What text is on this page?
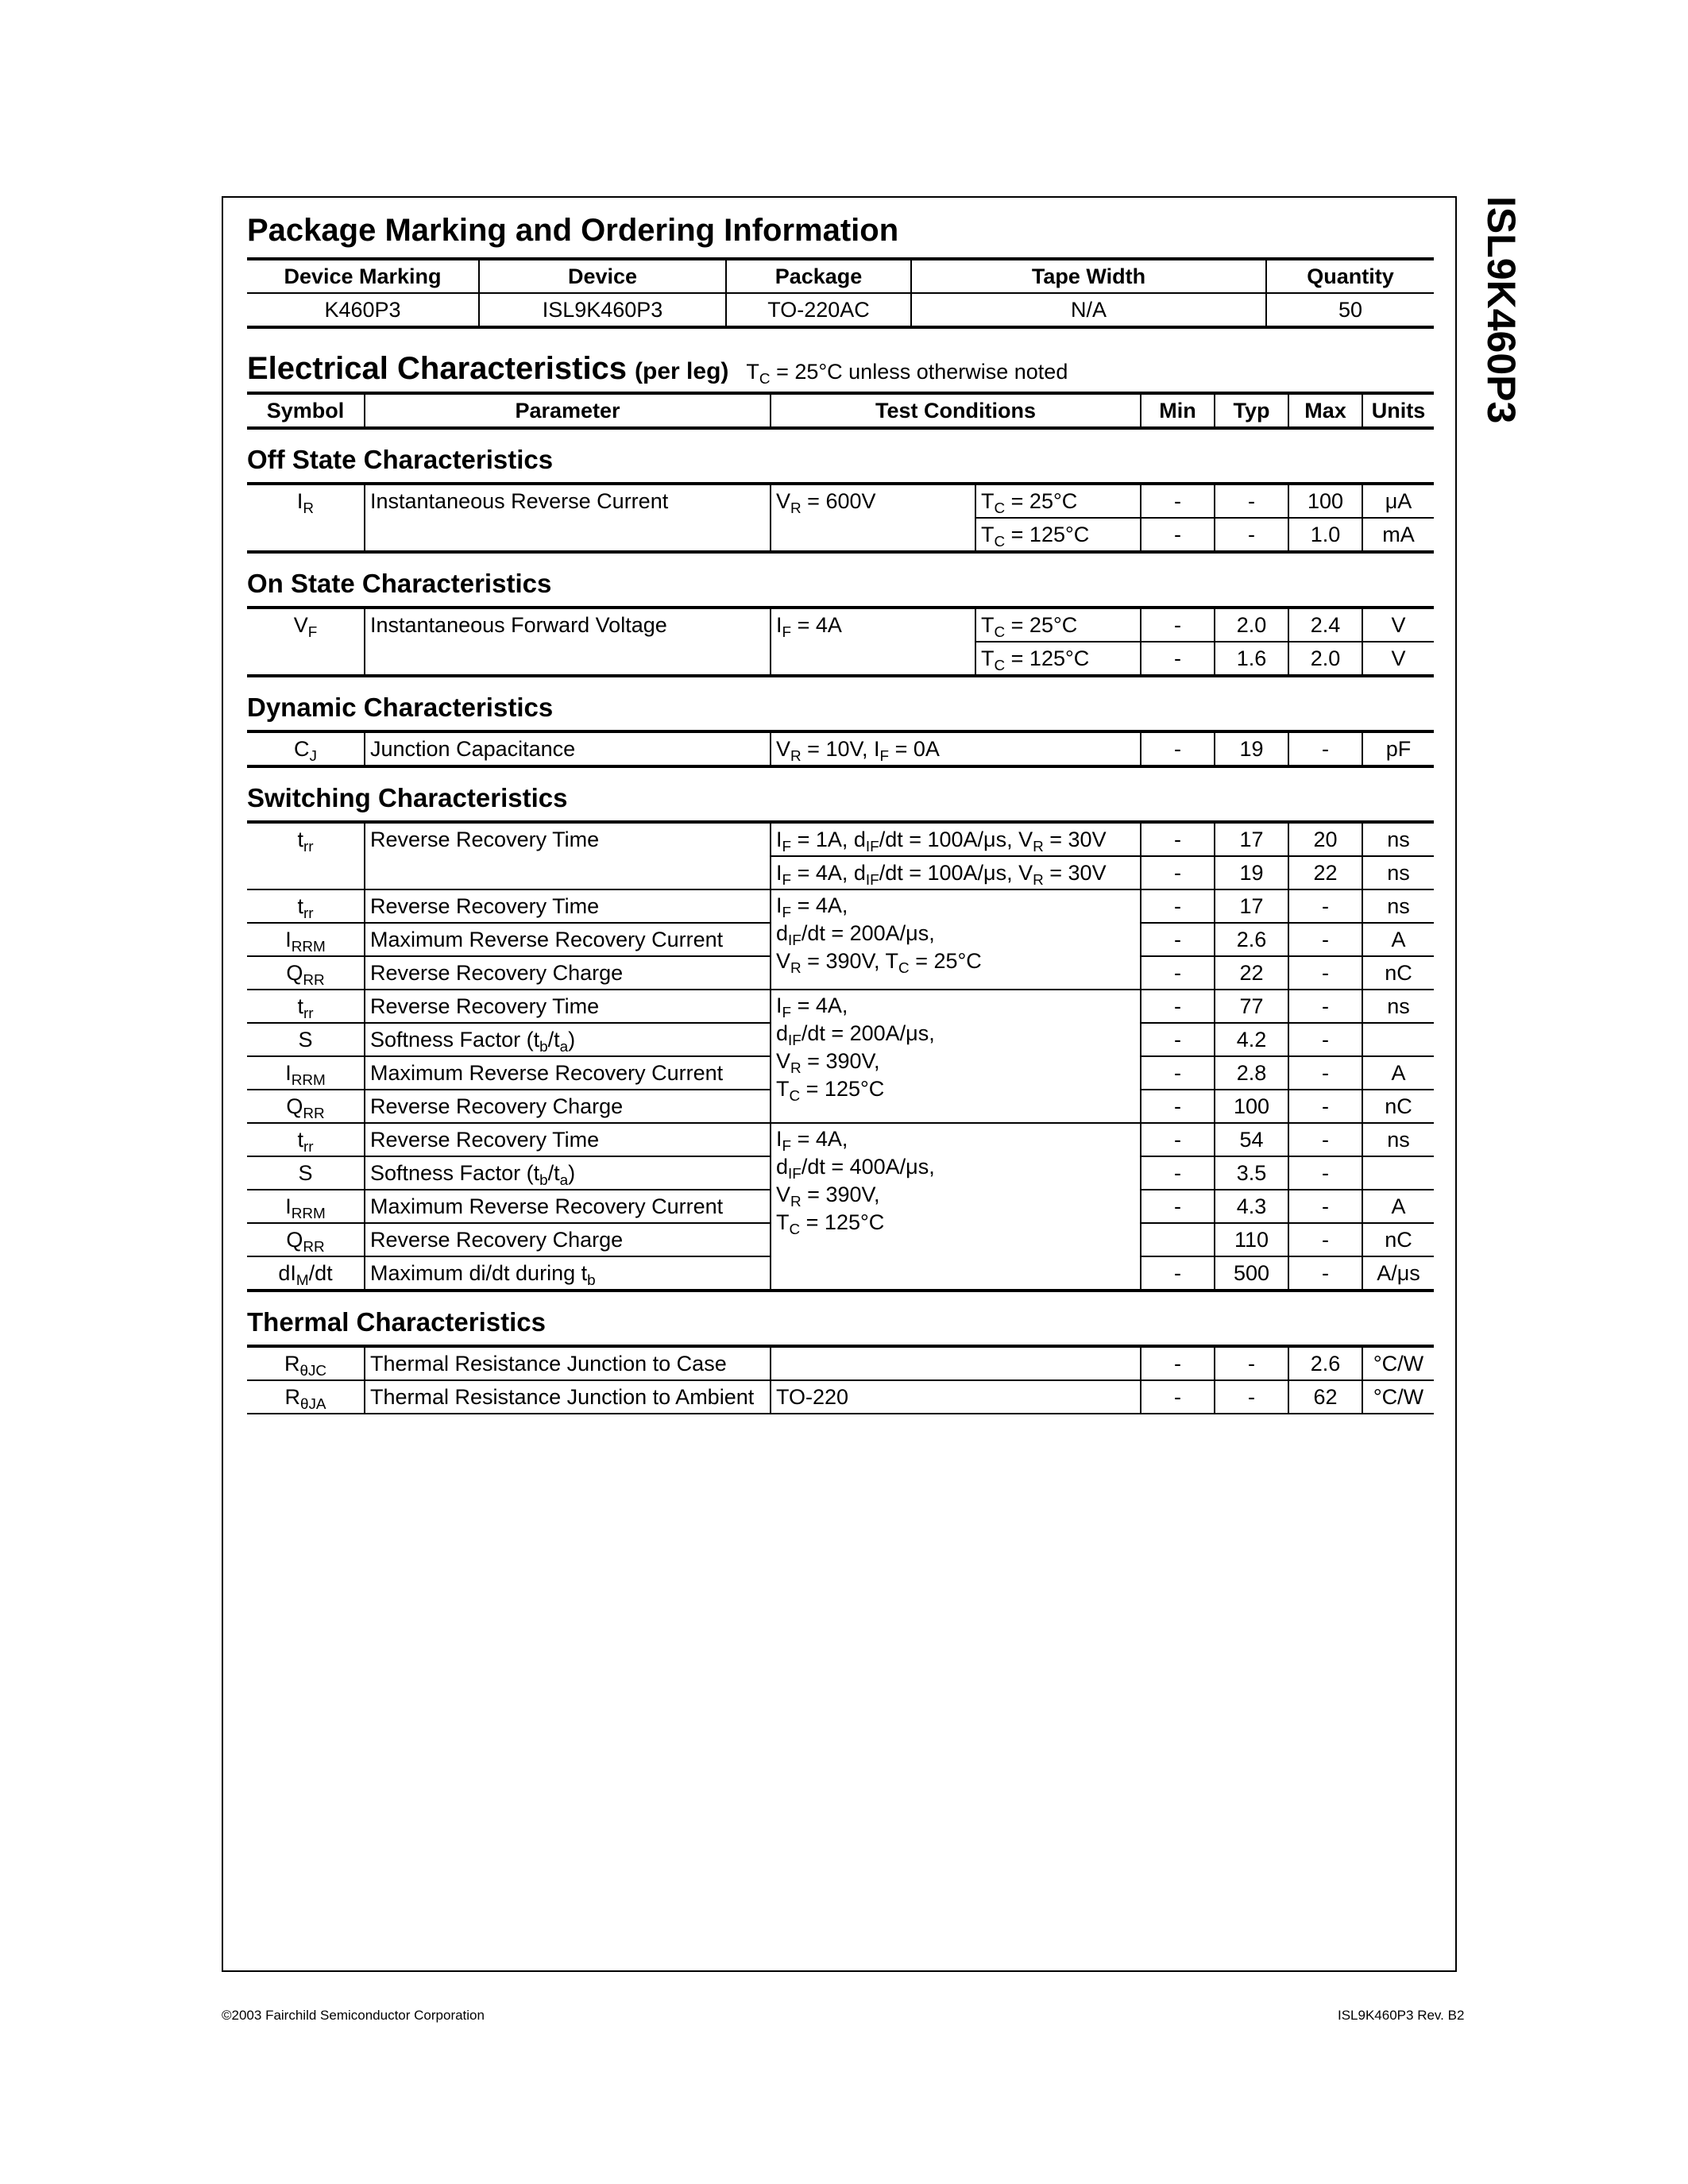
ISL9K460P3
Package Marking and Ordering Information
Device Marking	Device	Package	Tape Width	Quantity
K460P3	ISL9K460P3	TO-220AC	N/A	50
Electrical Characteristics (per leg) $T_C = 25^\circ C$ unless otherwise noted
Symbol	Parameter	Test Conditions	Min	Typ	Max	Units
Off State Characteristics
$I_R$	Instantaneous Reverse Current	$V_R = 600V$	$T_C = 25^\circ C$	-	-	100	μA
			$T_C = 125^\circ C$	-	-	1.0	mA
On State Characteristics
$V_F$	Instantaneous Forward Voltage	$I_F = 4A$	$T_C = 25^\circ C$	-	2.0	2.4	V
			$T_C = 125^\circ C$	-	1.6	2.0	V
Dynamic Characteristics
$C_J$	Junction Capacitance	$V_R = 10V$, $I_F = 0A$	-	19	-	pF
Switching Characteristics
$t_{rr}$	Reverse Recovery Time	$I_F = 1A$, $d_{IF}/dt = 100A/\mu s$, $V_R = 30V$	-	17	20	ns
		$I_F = 4A$, $d_{IF}/dt = 100A/\mu s$, $V_R = 30V$	-	19	22	ns
$t_{rr}$	Reverse Recovery Time	$I_F = 4A$,
$d_{IF}/dt = 200A/\mu s$,
$V_R = 390V$, $T_C = 25^\circ C$	-	17	-	ns
$I_{RRM}$	Maximum Reverse Recovery Current		-	2.6	-	A
$Q_{RR}$	Reverse Recovery Charge		-	22	-	nC
$t_{rr}$	Reverse Recovery Time	$I_F = 4A$,
$d_{IF}/dt = 200A/\mu s$,
$V_R = 390V$,
$T_C = 125^\circ C$	-	77	-	ns
S	Softness Factor $(t_b/t_a)$		-	4.2	-	
$I_{RRM}$	Maximum Reverse Recovery Current		-	2.8	-	A
$Q_{RR}$	Reverse Recovery Charge		-	100	-	nC
$t_{rr}$	Reverse Recovery Time	$I_F = 4A$,
$d_{IF}/dt = 400A/\mu s$,
$V_R = 390V$,
$T_C = 125^\circ C$	-	54	-	ns
S	Softness Factor $(t_b/t_a)$		-	3.5	-	
$I_{RRM}$	Maximum Reverse Recovery Current		-	4.3	-	A
$Q_{RR}$	Reverse Recovery Charge			110	-	nC
$dI_M/dt$	Maximum di/dt during $t_b$		-	500	-	A/μs
Thermal Characteristics
$R_{\theta JC}$	Thermal Resistance Junction to Case		-	-	2.6	°C/W
$R_{\theta JA}$	Thermal Resistance Junction to Ambient	TO-220	-	-	62	°C/W
©2003 Fairchild Semiconductor Corporation	ISL9K460P3 Rev. B2
